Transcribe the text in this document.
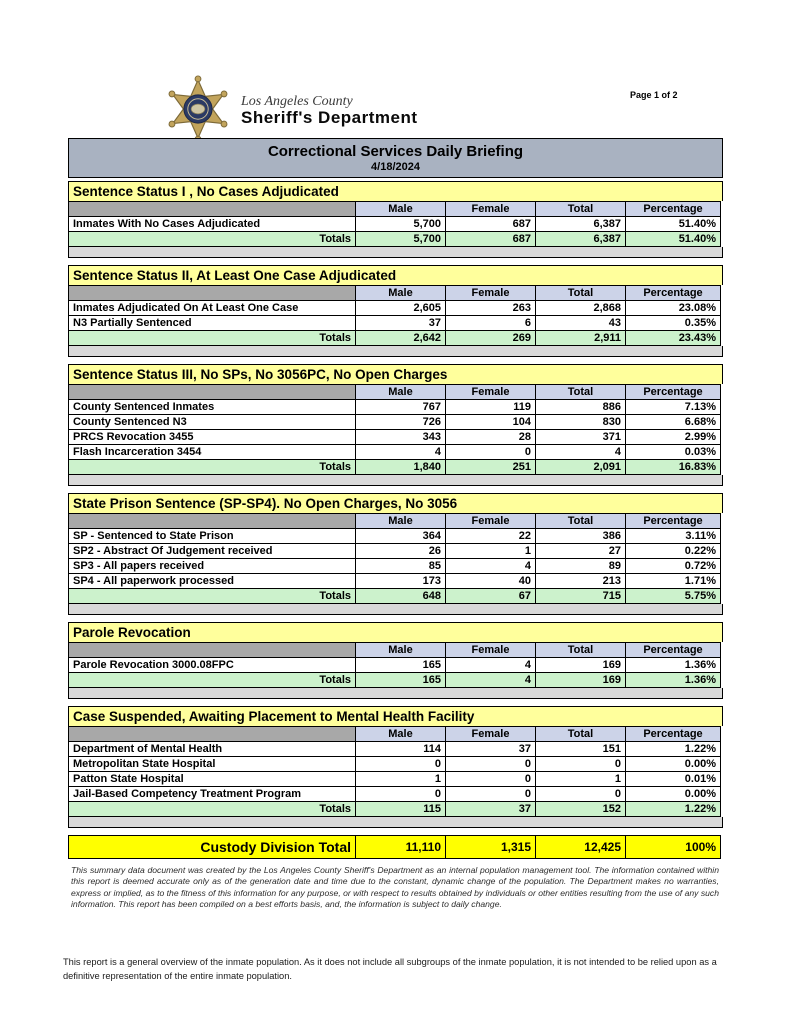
Los Angeles County
Sheriff's Department
Page 1 of 2
Correctional Services Daily Briefing
4/18/2024
Sentence Status I , No Cases Adjudicated
Male	Female	Total	Percentage
Inmates With No Cases Adjudicated	5,700	687	6,387	51.40%
Totals	5,700	687	6,387	51.40%
Sentence Status II, At Least One Case Adjudicated
Male	Female	Total	Percentage
Inmates Adjudicated On At Least One Case	2,605	263	2,868	23.08%
N3 Partially Sentenced	37	6	43	0.35%
Totals	2,642	269	2,911	23.43%
Sentence Status III, No SPs, No 3056PC, No Open Charges
Male	Female	Total	Percentage
County Sentenced Inmates	767	119	886	7.13%
County Sentenced N3	726	104	830	6.68%
PRCS Revocation 3455	343	28	371	2.99%
Flash Incarceration 3454	4	0	4	0.03%
Totals	1,840	251	2,091	16.83%
State Prison Sentence (SP-SP4). No Open Charges, No 3056
Male	Female	Total	Percentage
SP - Sentenced to State Prison	364	22	386	3.11%
SP2 - Abstract Of Judgement received	26	1	27	0.22%
SP3 - All papers received	85	4	89	0.72%
SP4 - All paperwork processed	173	40	213	1.71%
Totals	648	67	715	5.75%
Parole Revocation
Male	Female	Total	Percentage
Parole Revocation 3000.08FPC	165	4	169	1.36%
Totals	165	4	169	1.36%
Case Suspended, Awaiting Placement to Mental Health Facility
Male	Female	Total	Percentage
Department of Mental Health	114	37	151	1.22%
Metropolitan State Hospital	0	0	0	0.00%
Patton State Hospital	1	0	1	0.01%
Jail-Based Competency Treatment Program	0	0	0	0.00%
Totals	115	37	152	1.22%
Custody Division Total	11,110	1,315	12,425	100%

This summary data document was created by the Los Angeles County Sheriff's Department as an internal population management tool. The information contained within this report is deemed accurate only as of the generation date and time due to the constant, dynamic change of the population. The Department makes no warranties, express or implied, as to the fitness of this information for any purpose, or with respect to results obtained by individuals or other entities resulting from the use of any such information. This report has been compiled on a best efforts basis, and, the information is subject to daily change.

This report is a general overview of the inmate population. As it does not include all subgroups of the inmate population, it is not intended to be relied upon as a definitive representation of the entire inmate population.
